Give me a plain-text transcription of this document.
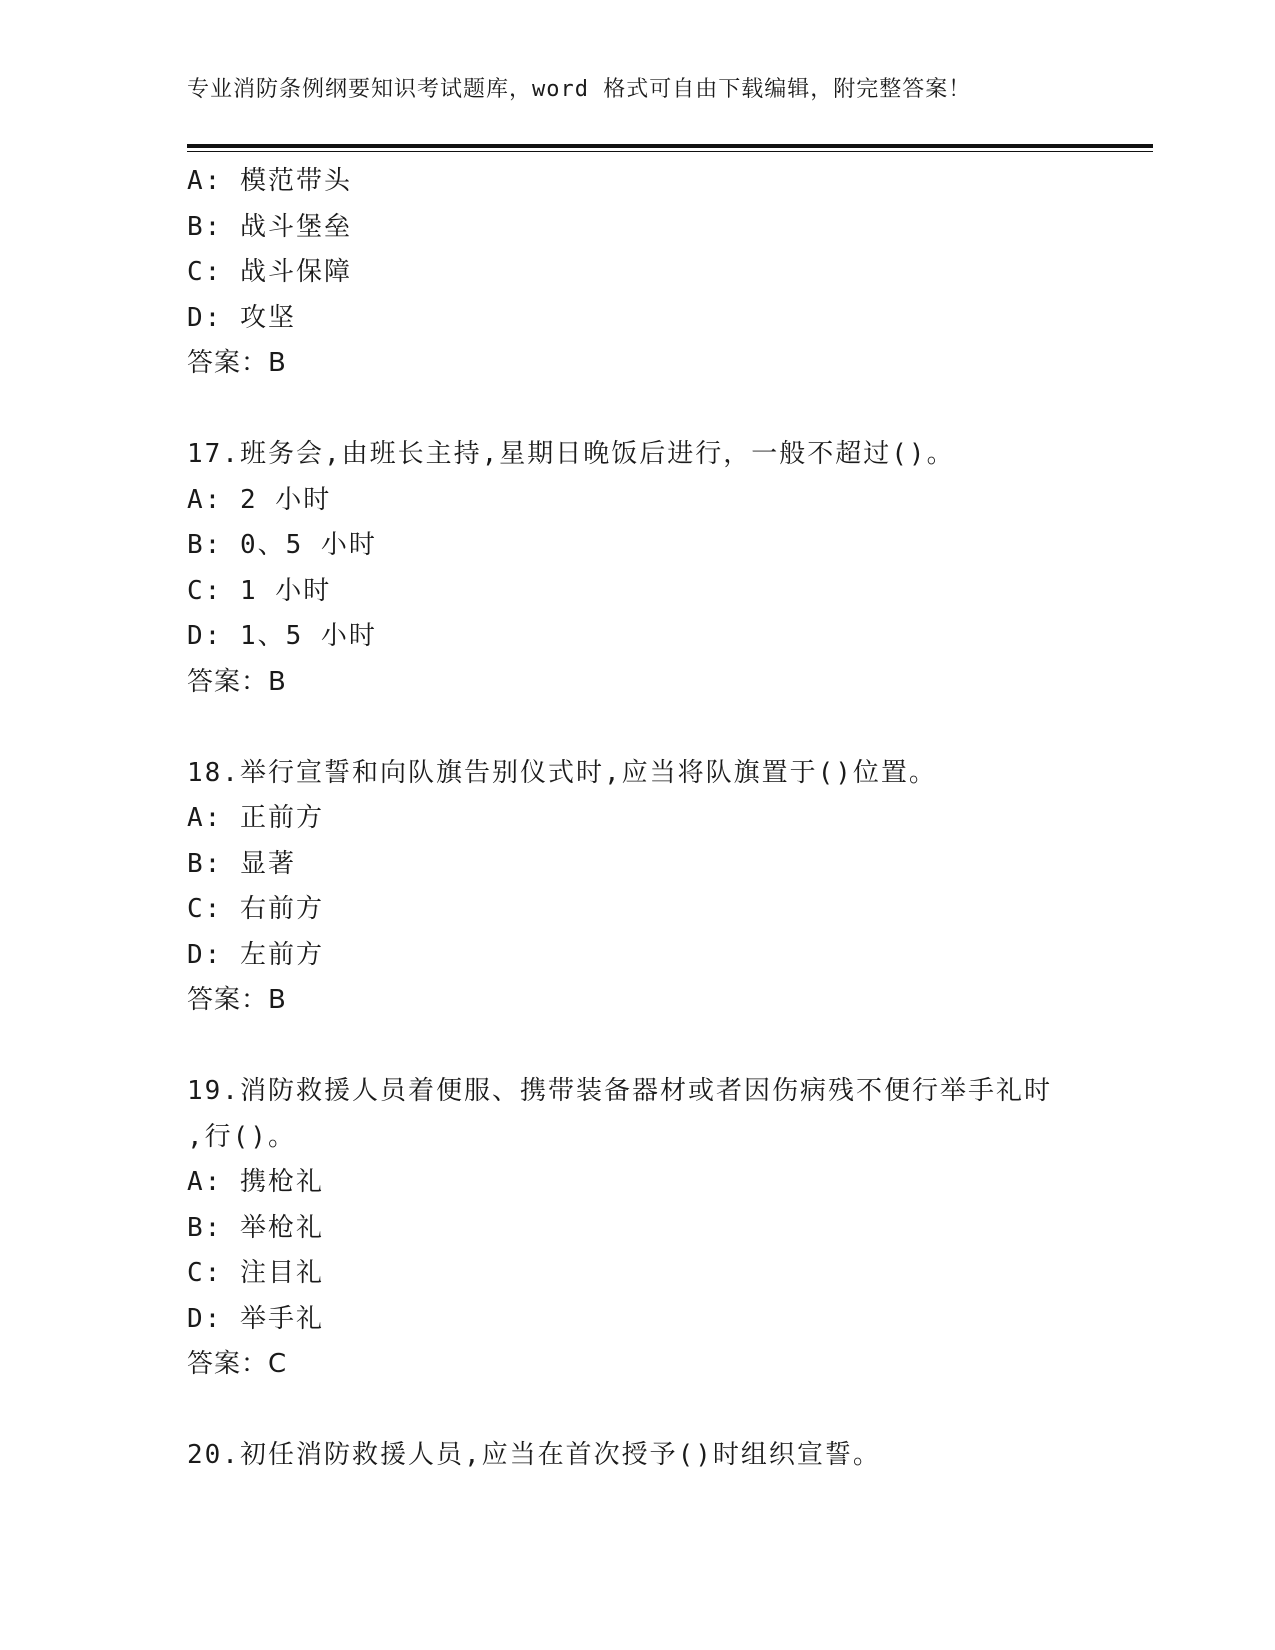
专业消防条例纲要知识考试题库，word 格式可自由下载编辑，附完整答案！
A: 模范带头
B: 战斗堡垒
C: 战斗保障
D: 攻坚
答案：B
17.班务会,由班长主持,星期日晚饭后进行，一般不超过()。
A: 2 小时
B: 0、5 小时
C: 1 小时
D: 1、5 小时
答案：B
18.举行宣誓和向队旗告别仪式时,应当将队旗置于()位置。
A: 正前方
B: 显著
C: 右前方
D: 左前方
答案：B
19.消防救援人员着便服、携带装备器材或者因伤病残不便行举手礼时
,行()。
A: 携枪礼
B: 举枪礼
C: 注目礼
D: 举手礼
答案：C
20.初任消防救援人员,应当在首次授予()时组织宣誓。
